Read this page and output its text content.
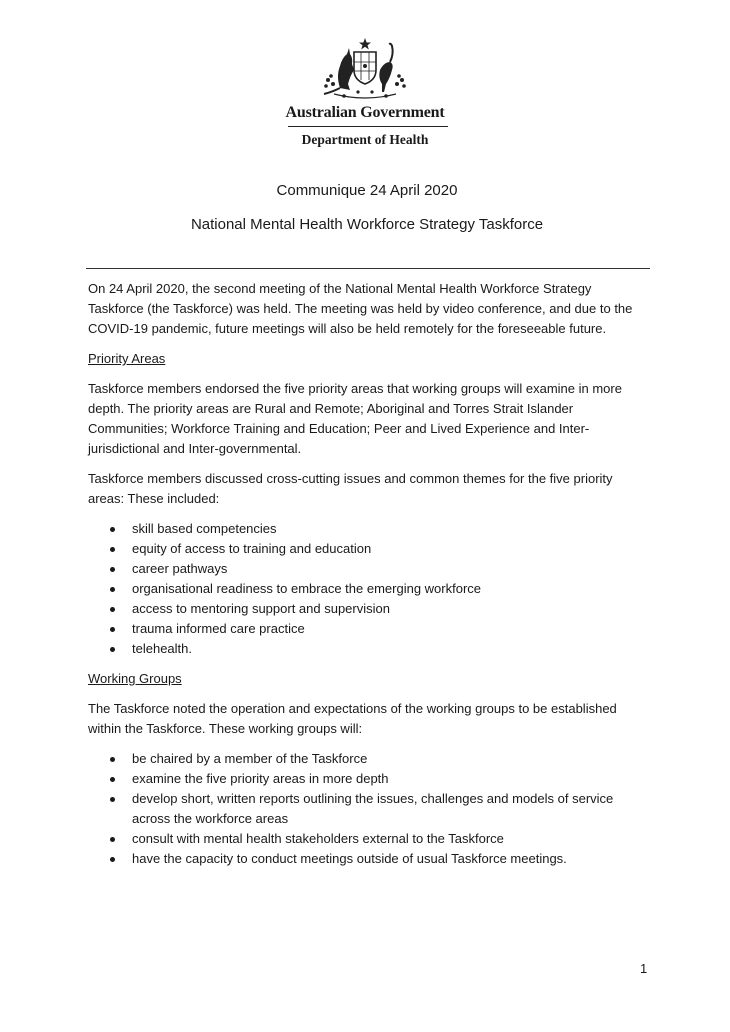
Australian Government
Department of Health
Communique 24 April 2020
National Mental Health Workforce Strategy Taskforce

On 24 April 2020, the second meeting of the National Mental Health Workforce Strategy Taskforce (the Taskforce) was held. The meeting was held by video conference, and due to the COVID-19 pandemic, future meetings will also be held remotely for the foreseeable future.

Priority Areas

Taskforce members endorsed the five priority areas that working groups will examine in more depth. The priority areas are Rural and Remote; Aboriginal and Torres Strait Islander Communities; Workforce Training and Education; Peer and Lived Experience and Inter-jurisdictional and Inter-governmental.

Taskforce members discussed cross-cutting issues and common themes for the five priority areas: These included:

skill based competencies
equity of access to training and education
career pathways
organisational readiness to embrace the emerging workforce
access to mentoring support and supervision
trauma informed care practice
telehealth.
Working Groups

The Taskforce noted the operation and expectations of the working groups to be established within the Taskforce. These working groups will:

be chaired by a member of the Taskforce
examine the five priority areas in more depth
develop short, written reports outlining the issues, challenges and models of service across the workforce areas
consult with mental health stakeholders external to the Taskforce
have the capacity to conduct meetings outside of usual Taskforce meetings.
1
